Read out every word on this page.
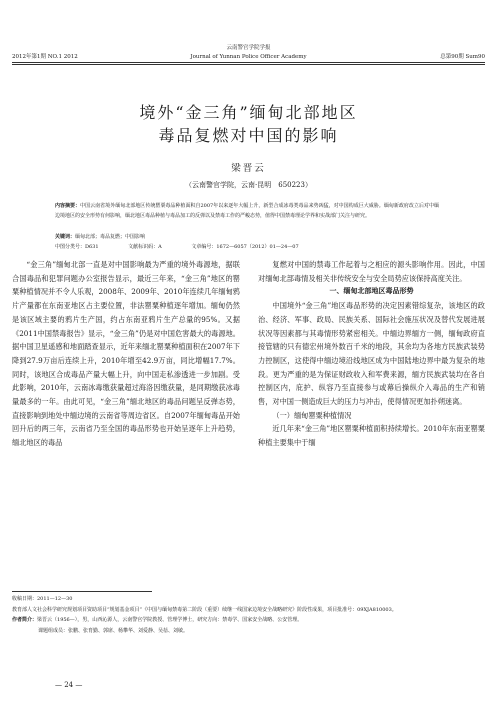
云南警官学院学报
2012年第1期 NO.1 2012	Journal of Yunnan Police Officer Academy	总第90期 Sum90
境外“金三角”缅甸北部地区
毒品复燃对中国的影响
梁晋云
（云南警官学院，云南·昆明　650223）
内容摘要：中国云南省境外缅甸北部地区传统罂粟毒品种植面积自2007年以来逐年大幅上升，新型合成冰毒类毒品来势凶猛，对中国构成巨大威胁。缅甸新政府改立后对中缅边境地区的安全形势有何影响，缅北地区毒品种植与毒品加工的反弹以及禁毒工作的严峻态势，值得中国禁毒理论学界和实战部门关注与研究。
关键词：缅甸北部；毒品复燃；中国影响
中图分类号：D631	文献标识码：A	文章编号：1672—6057（2012）01—24—07

“金三角”缅甸北部一直是对中国影响最为严重的境外毒源地，据联合国毒品和犯罪问题办公室报告显示，最近三年来，“金三角”地区的罂粟种植情况并不令人乐观，2008年、2009年、2010年连续几年缅甸鸦片产量都在东南亚地区占主要位置，非法罂粟种植逐年增加。缅甸仍然是该区域主要的鸦片生产国，约占东南亚鸦片生产总量的95%。又据《2011中国禁毒报告》显示，“金三角”仍是对中国危害最大的毒源地。据中国卫星遥感和地面踏查显示，近年来缅北罂粟种植面积在2007年下降到27.9万亩后连续上升，2010年增至42.9万亩，同比增幅17.7%。同时，该地区合成毒品产量大幅上升，向中国走私渗透进一步加剧。受此影响，2010年，云南冰毒缴获量超过海洛因缴获量，是同期缴获冰毒量最多的一年。由此可见，“金三角”缅北地区的毒品问题呈反弹态势，直接影响到地处中缅边境的云南省等周边省区。自2007年缅甸毒品开始回升后的两三年，云南省乃至全国的毒品形势也开始呈逐年上升趋势，缅北地区的毒品

复燃对中国的禁毒工作起着与之相应的源头影响作用。因此，中国对缅甸北部毒情及相关非传统安全与安全局势应该保持高度关注。

一、缅甸北部地区毒品形势

中国境外“金三角”地区毒品形势的决定因素错综复杂，该地区的政治、经济、军事、政局、民族关系、国际社会施压状况及替代发展进展状况等因素都与其毒情形势紧密相关。中缅边界缅方一侧，缅甸政府直接管辖的只有德宏州境外数百千米的地段，其余均为各地方民族武装势力控制区，这使得中缅边境沿线地区成为中国陆地边界中最为复杂的地段。更为严重的是为保证财政收入和军费来源，缅方民族武装均在各自控制区内，庇护、纵容乃至直接参与或幕后操纵介入毒品的生产和销售，对中国一侧造成巨大的压力与冲击，使得情况更加扑朔迷离。

（一）缅甸罂粟种植情况

近几年来“金三角”地区罂粟种植面积持续增长。2010年东南亚罂粟种植主要集中于缅

收稿日期：2011—12—30
教育部人文社会科学研究规划项目资助项目“规划基金项目”《中国与缅甸禁毒第二阶段（重要）续继一线国家边境安全战略研究》阶段性成果，项目批准号：09XJA810003。
作者简介：梁晋云（1956—），男，山西沁源人，云南警官学院教授、管理学博士，研究方向：禁毒学、国家安全战略、公安管理。
课题组成员：张鹏、张育勤、郭席、杨攀华、刘爱静、吴蓓、刘敏。
— 24 —
